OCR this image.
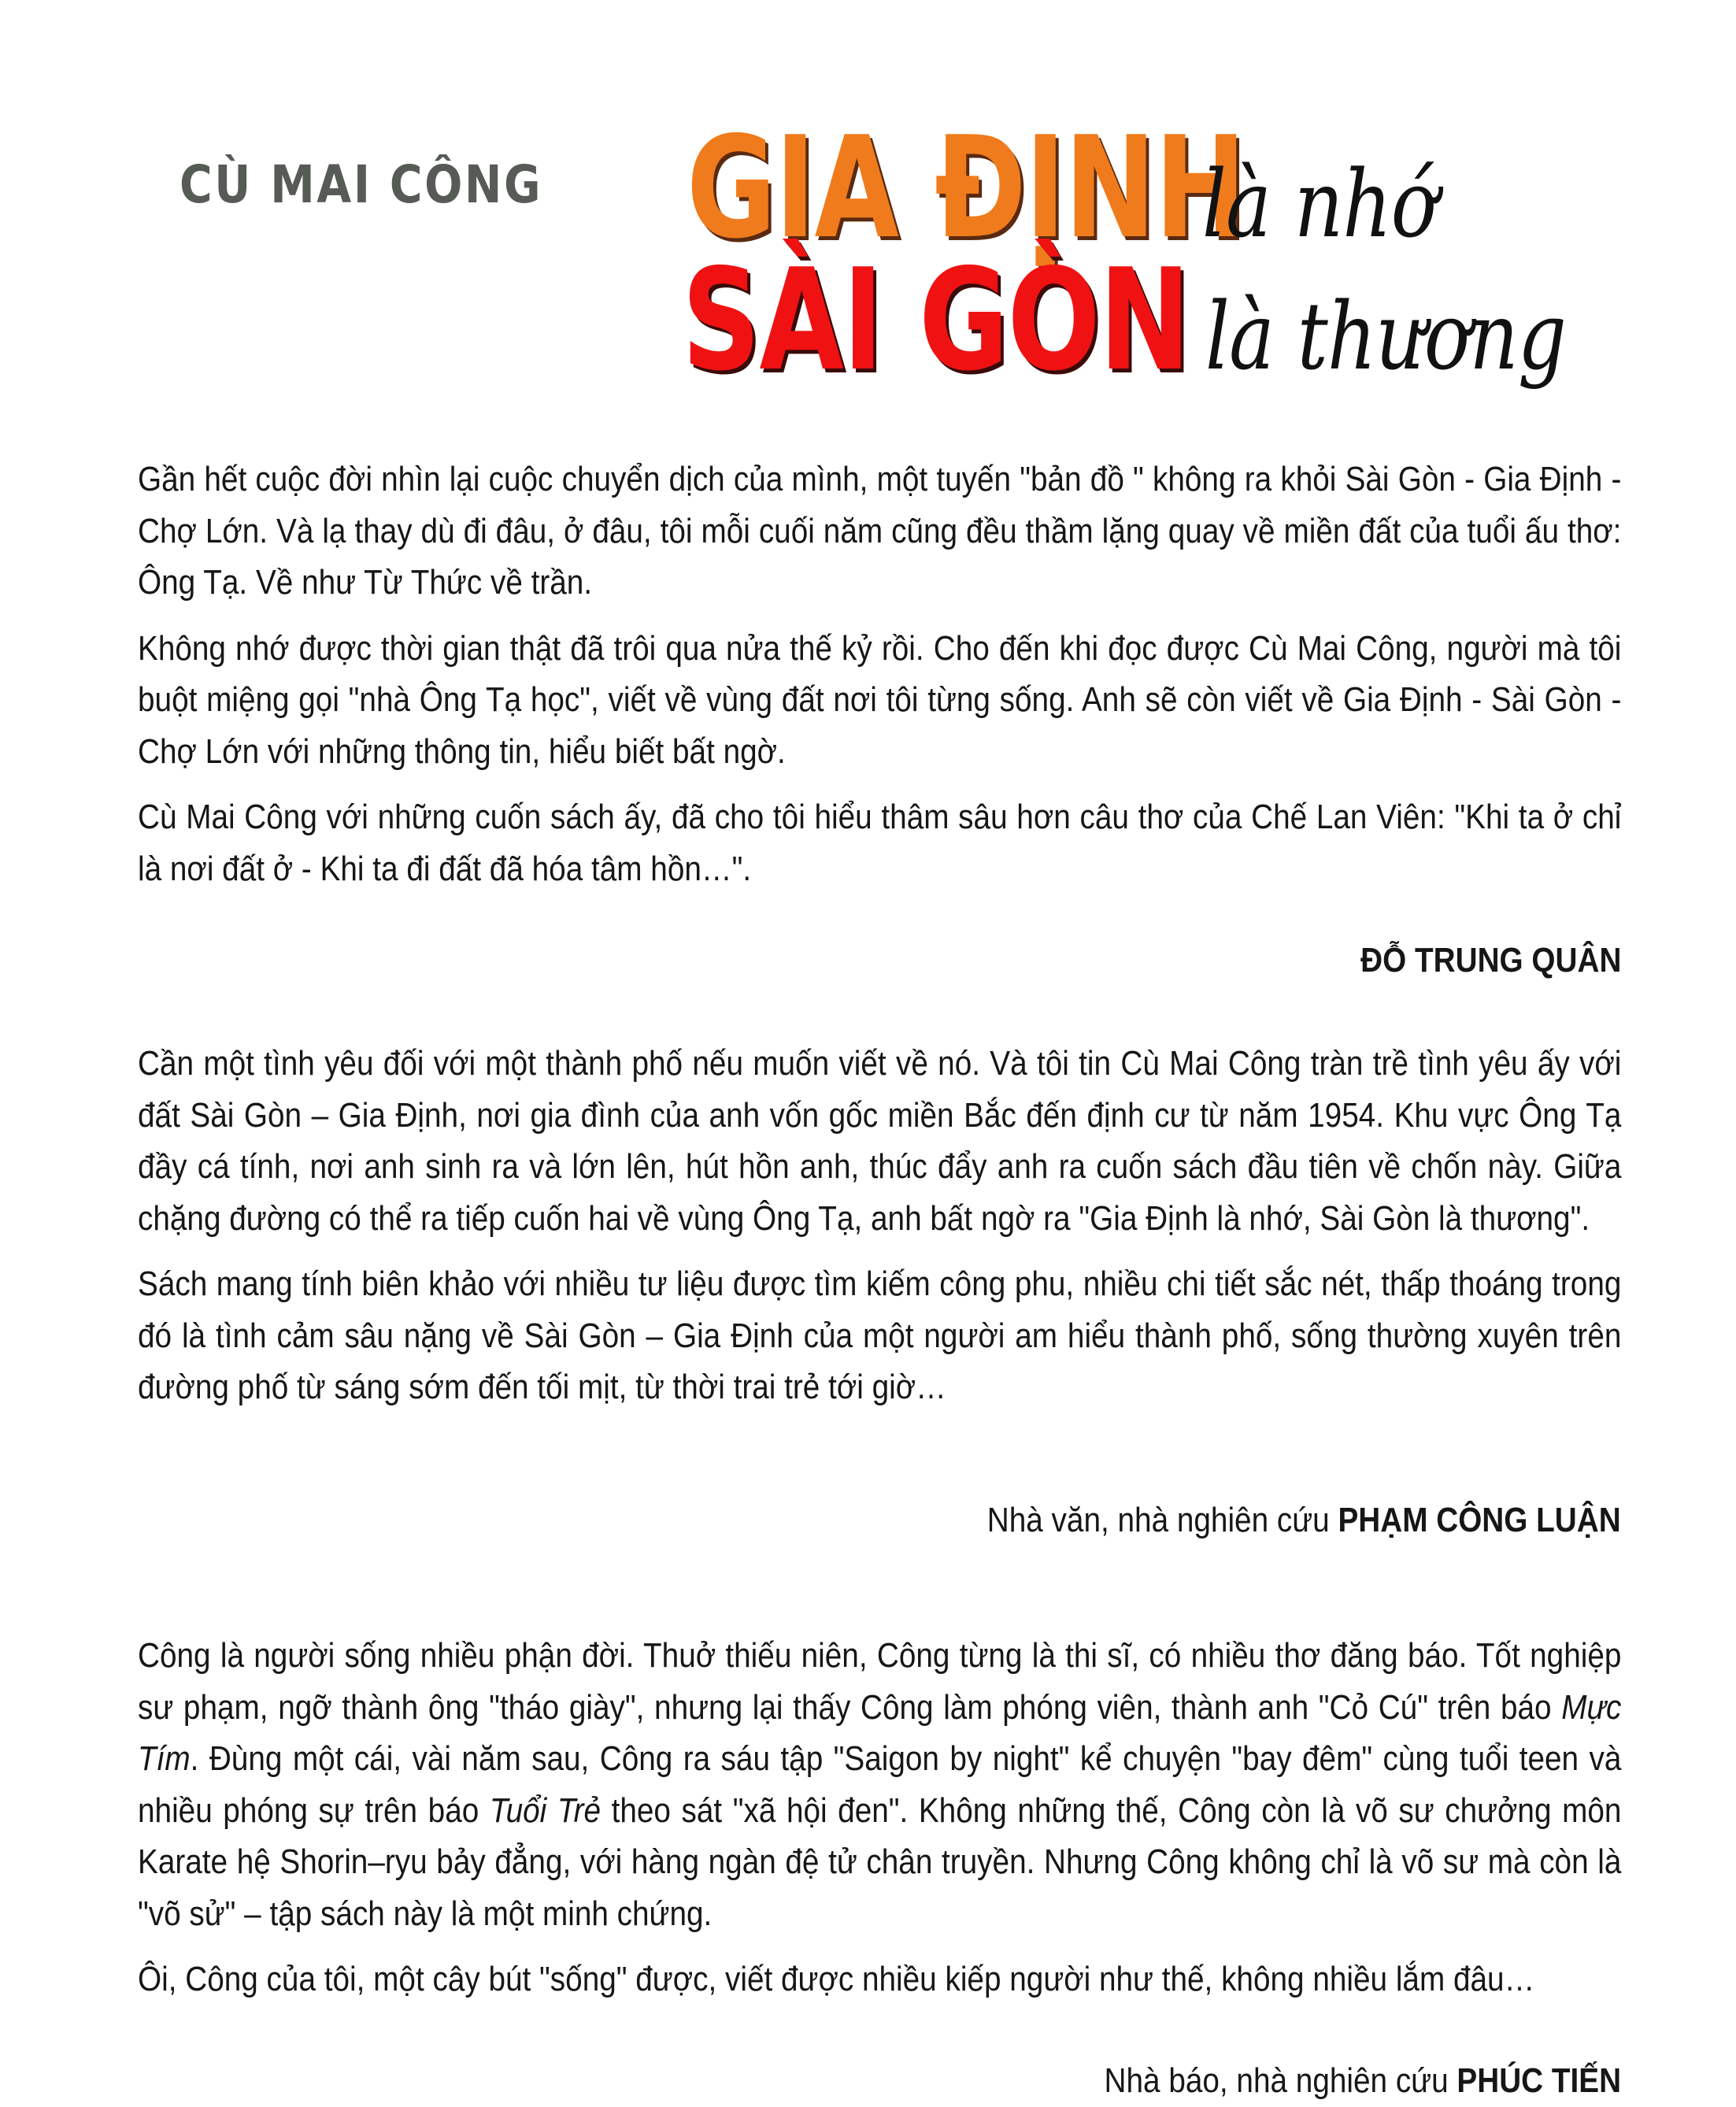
CÙ MAI CÔNG GIA ĐỊNH
là nhớ
SÀI GÒN là thương

Gần hết cuộc đời nhìn lại cuộc chuyển dịch của mình, một tuyến "bản đồ " không ra khỏi Sài Gòn - Gia Định - Chợ Lớn. Và lạ thay dù đi đâu, ở đâu, tôi mỗi cuối năm cũng đều thầm lặng quay về miền đất của tuổi ấu thơ: Ông Tạ. Về như Từ Thức về trần.

Không nhớ được thời gian thật đã trôi qua nửa thế kỷ rồi. Cho đến khi đọc được Cù Mai Công, người mà tôi buột miệng gọi "nhà Ông Tạ học", viết về vùng đất nơi tôi từng sống. Anh sẽ còn viết về Gia Định - Sài Gòn - Chợ Lớn với những thông tin, hiểu biết bất ngờ.

Cù Mai Công với những cuốn sách ấy, đã cho tôi hiểu thâm sâu hơn câu thơ của Chế Lan Viên: "Khi ta ở chỉ là nơi đất ở - Khi ta đi đất đã hóa tâm hồn…".

ĐỖ TRUNG QUÂN

Cần một tình yêu đối với một thành phố nếu muốn viết về nó. Và tôi tin Cù Mai Công tràn trề tình yêu ấy với đất Sài Gòn – Gia Định, nơi gia đình của anh vốn gốc miền Bắc đến định cư từ năm 1954. Khu vực Ông Tạ đầy cá tính, nơi anh sinh ra và lớn lên, hút hồn anh, thúc đẩy anh ra cuốn sách đầu tiên về chốn này. Giữa chặng đường có thể ra tiếp cuốn hai về vùng Ông Tạ, anh bất ngờ ra "Gia Định là nhớ, Sài Gòn là thương".

Sách mang tính biên khảo với nhiều tư liệu được tìm kiếm công phu, nhiều chi tiết sắc nét, thấp thoáng trong đó là tình cảm sâu nặng về Sài Gòn – Gia Định của một người am hiểu thành phố, sống thường xuyên trên đường phố từ sáng sớm đến tối mịt, từ thời trai trẻ tới giờ…

Nhà văn, nhà nghiên cứu PHẠM CÔNG LUẬN

Công là người sống nhiều phận đời. Thuở thiếu niên, Công từng là thi sĩ, có nhiều thơ đăng báo. Tốt nghiệp sư phạm, ngỡ thành ông "tháo giày", nhưng lại thấy Công làm phóng viên, thành anh "Cỏ Cú" trên báo Mực Tím. Đùng một cái, vài năm sau, Công ra sáu tập "Saigon by night" kể chuyện "bay đêm" cùng tuổi teen và nhiều phóng sự trên báo Tuổi Trẻ theo sát "xã hội đen". Không những thế, Công còn là võ sư chưởng môn Karate hệ Shorin–ryu bảy đẳng, với hàng ngàn đệ tử chân truyền. Nhưng Công không chỉ là võ sư mà còn là "võ sử" – tập sách này là một minh chứng.

Ôi, Công của tôi, một cây bút "sống" được, viết được nhiều kiếp người như thế, không nhiều lắm đâu…

Nhà báo, nhà nghiên cứu PHÚC TIẾN
